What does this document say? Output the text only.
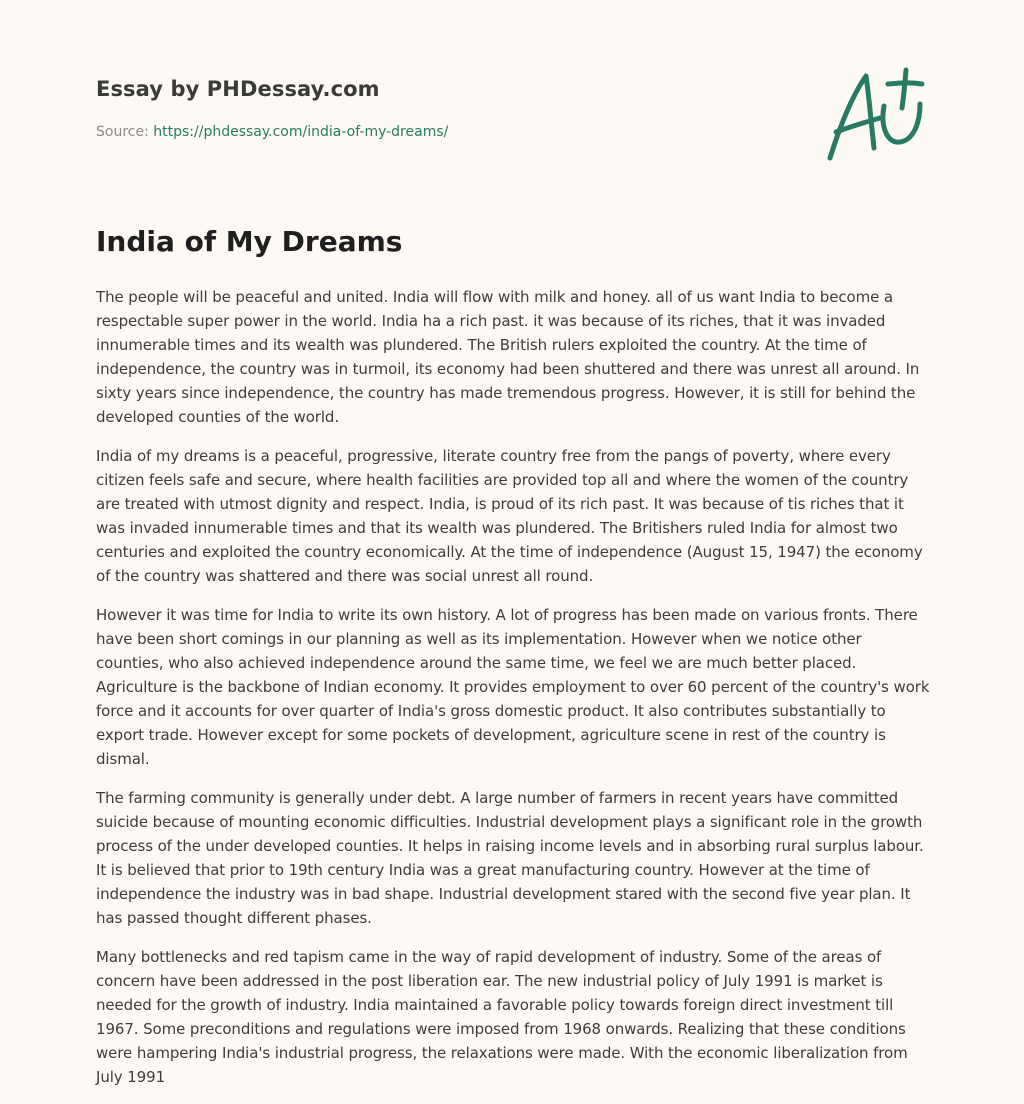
Essay by PHDessay.com
Source: https://phdessay.com/india-of-my-dreams/
India of My Dreams

The people will be peaceful and united. India will flow with milk and honey. all of us want India to become a respectable super power in the world. India ha a rich past. it was because of its riches, that it was invaded innumerable times and its wealth was plundered. The British rulers exploited the country. At the time of independence, the country was in turmoil, its economy had been shuttered and there was unrest all around. In sixty years since independence, the country has made tremendous progress. However, it is still for behind the developed counties of the world.

India of my dreams is a peaceful, progressive, literate country free from the pangs of poverty, where every citizen feels safe and secure, where health facilities are provided top all and where the women of the country are treated with utmost dignity and respect. India, is proud of its rich past. It was because of tis riches that it was invaded innumerable times and that its wealth was plundered. The Britishers ruled India for almost two centuries and exploited the country economically. At the time of independence (August 15, 1947) the economy of the country was shattered and there was social unrest all round.

However it was time for India to write its own history. A lot of progress has been made on various fronts. There have been short comings in our planning as well as its implementation. However when we notice other counties, who also achieved independence around the same time, we feel we are much better placed. Agriculture is the backbone of Indian economy. It provides employment to over 60 percent of the country's work force and it accounts for over quarter of India's gross domestic product. It also contributes substantially to export trade. However except for some pockets of development, agriculture scene in rest of the country is dismal.

The farming community is generally under debt. A large number of farmers in recent years have committed suicide because of mounting economic difficulties. Industrial development plays a significant role in the growth process of the under developed counties. It helps in raising income levels and in absorbing rural surplus labour. It is believed that prior to 19th century India was a great manufacturing country. However at the time of independence the industry was in bad shape. Industrial development stared with the second five year plan. It has passed thought different phases.

Many bottlenecks and red tapism came in the way of rapid development of industry. Some of the areas of concern have been addressed in the post liberation ear. The new industrial policy of July 1991 is market is needed for the growth of industry. India maintained a favorable policy towards foreign direct investment till 1967. Some preconditions and regulations were imposed from 1968 onwards. Realizing that these conditions were hampering India's industrial progress, the relaxations were made. With the economic liberalization from July 1991
